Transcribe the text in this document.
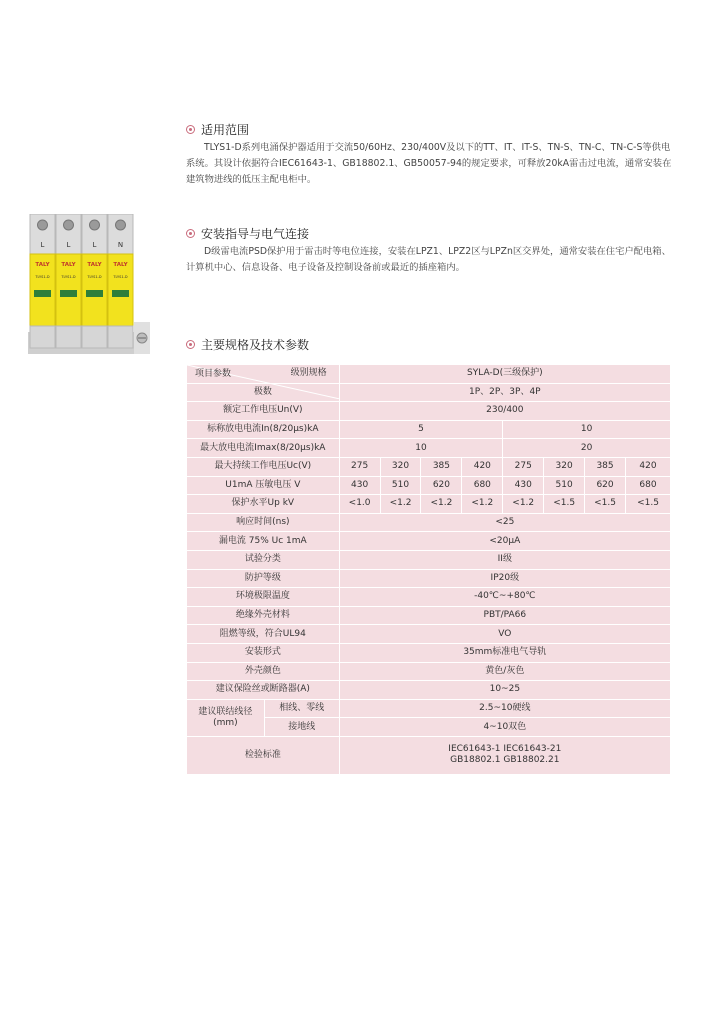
适用范围
TLYS1-D系列电涌保护器适用于交流50/60Hz、230/400V及以下的TT、IT、IT-S、TN-S、TN-C、TN-C-S等供电系统。其设计依据符合IEC61643-1、GB18802.1、GB50057-94的规定要求，可释放20kA雷击过电流，通常安装在建筑物进线的低压主配电柜中。
安装指导与电气连接
D级雷电流PSD保护用于雷击时等电位连接，安装在LPZ1、LPZ2区与LPZn区交界处，通常安装在住宅户配电箱、计算机中心、信息设备、电子设备及控制设备前或最近的插座箱内。
主要规格及技术参数
L	L	L	N
TALY TALY TALY TALY
TLYS1-D	TLYS1-D	TLYS1-D	TLYS1-D
级别规格
项目参数		SYLA-D(三级保护)							
极数		1P、2P、3P、4P							
额定工作电压Un(V)		230/400							
标称放电电流In(8/20μs)kA		5				10			
最大放电电流Imax(8/20μs)kA		10				20			
最大持续工作电压Uc(V)		275	320	385	420	275	320	385	420
U1mA 压敏电压 V		430	510	620	680	430	510	620	680
保护水平Up kV		<1.0	<1.2	<1.2	<1.2	<1.2	<1.5	<1.5	<1.5
响应时间(ns)		<25							
漏电流 75% Uc 1mA		<20μA							
试验分类		II级							
防护等级		IP20级							
环境极限温度		-40℃~+80℃							
绝缘外壳材料		PBT/PA66							
阻燃等级，符合UL94		VO							
安装形式		35mm标准电气导轨							
外壳颜色		黄色/灰色							
建议保险丝或断路器(A)		10~25							

建议联结线径
(mm)	相线、零线	2.5~10硬线							
	接地线	4~10双色							
检验标准		IEC61643-1 IEC61643-21
GB18802.1 GB18802.21							
